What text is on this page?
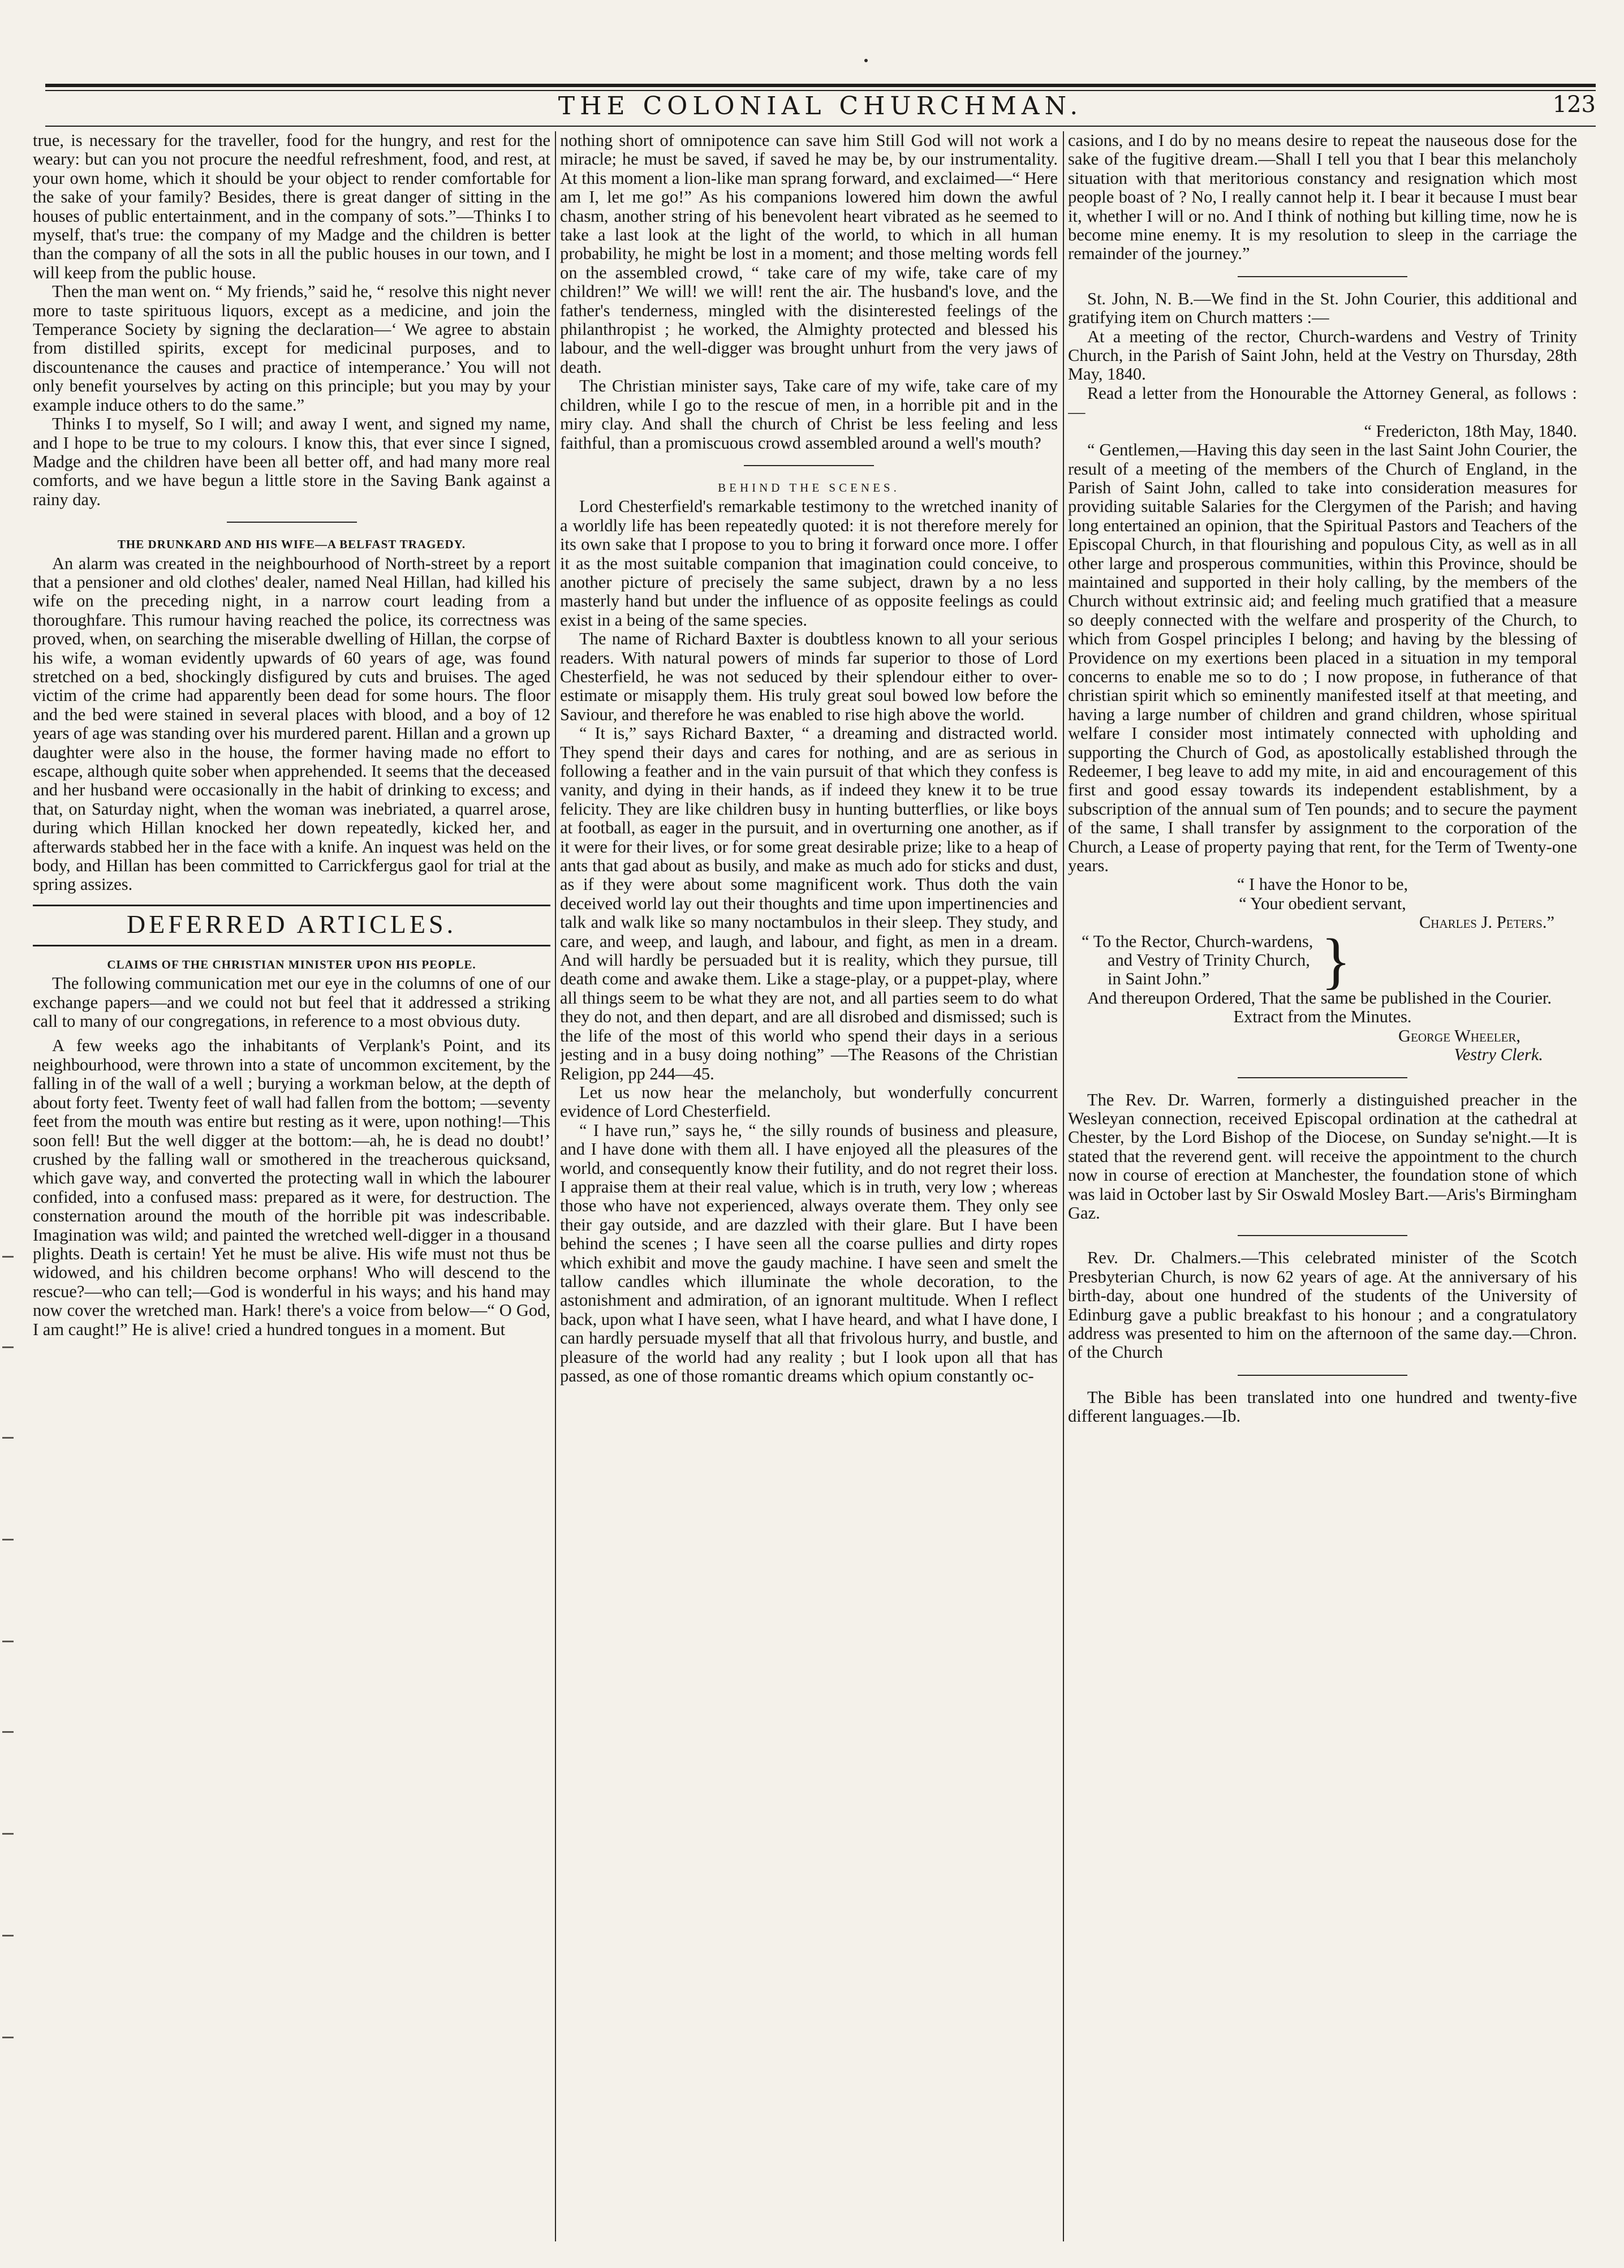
THE COLONIAL CHURCHMAN.	123

true, is necessary for the traveller, food for the hungry, and rest for the weary: but can you not procure the needful refreshment, food, and rest, at your own home, which it should be your object to render comfortable for the sake of your family? Besides, there is great danger of sitting in the houses of public entertainment, and in the company of sots.”—Thinks I to myself, that's true: the company of my Madge and the children is better than the company of all the sots in all the public houses in our town, and I will keep from the public house.

Then the man went on. “ My friends,” said he, “ resolve this night never more to taste spirituous liquors, except as a medicine, and join the Temperance Society by signing the declaration—‘ We agree to abstain from distilled spirits, except for medicinal purposes, and to discountenance the causes and practice of intemperance.’ You will not only benefit yourselves by acting on this principle; but you may by your example induce others to do the same.”

Thinks I to myself, So I will; and away I went, and signed my name, and I hope to be true to my colours. I know this, that ever since I signed, Madge and the children have been all better off, and had many more real comforts, and we have begun a little store in the Saving Bank against a rainy day.

THE DRUNKARD AND HIS WIFE—A BELFAST TRAGEDY.

An alarm was created in the neighbourhood of North-street by a report that a pensioner and old clothes' dealer, named Neal Hillan, had killed his wife on the preceding night, in a narrow court leading from a thoroughfare. This rumour having reached the police, its correctness was proved, when, on searching the miserable dwelling of Hillan, the corpse of his wife, a woman evidently upwards of 60 years of age, was found stretched on a bed, shockingly disfigured by cuts and bruises. The aged victim of the crime had apparently been dead for some hours. The floor and the bed were stained in several places with blood, and a boy of 12 years of age was standing over his murdered parent. Hillan and a grown up daughter were also in the house, the former having made no effort to escape, although quite sober when apprehended. It seems that the deceased and her husband were occasionally in the habit of drinking to excess; and that, on Saturday night, when the woman was inebriated, a quarrel arose, during which Hillan knocked her down repeatedly, kicked her, and afterwards stabbed her in the face with a knife. An inquest was held on the body, and Hillan has been committed to Carrickfergus gaol for trial at the spring assizes.

DEFERRED ARTICLES.

CLAIMS OF THE CHRISTIAN MINISTER UPON HIS PEOPLE.

The following communication met our eye in the columns of one of our exchange papers—and we could not but feel that it addressed a striking call to many of our congregations, in reference to a most obvious duty.

A few weeks ago the inhabitants of Verplank's Point, and its neighbourhood, were thrown into a state of uncommon excitement, by the falling in of the wall of a well ; burying a workman below, at the depth of about forty feet. Twenty feet of wall had fallen from the bottom; —seventy feet from the mouth was entire but resting as it were, upon nothing!—This soon fell! But the well digger at the bottom:—ah, he is dead no doubt!’ crushed by the falling wall or smothered in the treacherous quicksand, which gave way, and converted the protecting wall in which the labourer confided, into a confused mass: prepared as it were, for destruction. The consternation around the mouth of the horrible pit was indescribable. Imagination was wild; and painted the wretched well-digger in a thousand plights. Death is certain! Yet he must be alive. His wife must not thus be widowed, and his children become orphans! Who will descend to the rescue?—who can tell;—God is wonderful in his ways; and his hand may now cover the wretched man. Hark! there's a voice from below—“ O God, I am caught!” He is alive! cried a hundred tongues in a moment. But

nothing short of omnipotence can save him Still God will not work a miracle; he must be saved, if saved he may be, by our instrumentality. At this moment a lion-like man sprang forward, and exclaimed—“ Here am I, let me go!” As his companions lowered him down the awful chasm, another string of his benevolent heart vibrated as he seemed to take a last look at the light of the world, to which in all human probability, he might be lost in a moment; and those melting words fell on the assembled crowd, “ take care of my wife, take care of my children!” We will! we will! rent the air. The husband's love, and the father's tenderness, mingled with the disinterested feelings of the philanthropist ; he worked, the Almighty protected and blessed his labour, and the well-digger was brought unhurt from the very jaws of death.

The Christian minister says, Take care of my wife, take care of my children, while I go to the rescue of men, in a horrible pit and in the miry clay. And shall the church of Christ be less feeling and less faithful, than a promiscuous crowd assembled around a well's mouth?

BEHIND THE SCENES.

Lord Chesterfield's remarkable testimony to the wretched inanity of a worldly life has been repeatedly quoted: it is not therefore merely for its own sake that I propose to you to bring it forward once more. I offer it as the most suitable companion that imagination could conceive, to another picture of precisely the same subject, drawn by a no less masterly hand but under the influence of as opposite feelings as could exist in a being of the same species.

The name of Richard Baxter is doubtless known to all your serious readers. With natural powers of minds far superior to those of Lord Chesterfield, he was not seduced by their splendour either to over-estimate or misapply them. His truly great soul bowed low before the Saviour, and therefore he was enabled to rise high above the world.

“ It is,” says Richard Baxter, “ a dreaming and distracted world. They spend their days and cares for nothing, and are as serious in following a feather and in the vain pursuit of that which they confess is vanity, and dying in their hands, as if indeed they knew it to be true felicity. They are like children busy in hunting butterflies, or like boys at football, as eager in the pursuit, and in overturning one another, as if it were for their lives, or for some great desirable prize; like to a heap of ants that gad about as busily, and make as much ado for sticks and dust, as if they were about some magnificent work. Thus doth the vain deceived world lay out their thoughts and time upon impertinencies and talk and walk like so many noctambulos in their sleep. They study, and care, and weep, and laugh, and labour, and fight, as men in a dream. And will hardly be persuaded but it is reality, which they pursue, till death come and awake them. Like a stage-play, or a puppet-play, where all things seem to be what they are not, and all parties seem to do what they do not, and then depart, and are all disrobed and dismissed; such is the life of the most of this world who spend their days in a serious jesting and in a busy doing nothing” —The Reasons of the Christian Religion, pp 244—45.

Let us now hear the melancholy, but wonderfully concurrent evidence of Lord Chesterfield.

“ I have run,” says he, “ the silly rounds of business and pleasure, and I have done with them all. I have enjoyed all the pleasures of the world, and consequently know their futility, and do not regret their loss. I appraise them at their real value, which is in truth, very low ; whereas those who have not experienced, always overate them. They only see their gay outside, and are dazzled with their glare. But I have been behind the scenes ; I have seen all the coarse pullies and dirty ropes which exhibit and move the gaudy machine. I have seen and smelt the tallow candles which illuminate the whole decoration, to the astonishment and admiration, of an ignorant multitude. When I reflect back, upon what I have seen, what I have heard, and what I have done, I can hardly persuade myself that all that frivolous hurry, and bustle, and pleasure of the world had any reality ; but I look upon all that has passed, as one of those romantic dreams which opium constantly oc-

casions, and I do by no means desire to repeat the nauseous dose for the sake of the fugitive dream.—Shall I tell you that I bear this melancholy situation with that meritorious constancy and resignation which most people boast of ? No, I really cannot help it. I bear it because I must bear it, whether I will or no. And I think of nothing but killing time, now he is become mine enemy. It is my resolution to sleep in the carriage the remainder of the journey.”

St. John, N. B.—We find in the St. John Courier, this additional and gratifying item on Church matters :—

At a meeting of the rector, Church-wardens and Vestry of Trinity Church, in the Parish of Saint John, held at the Vestry on Thursday, 28th May, 1840.

Read a letter from the Honourable the Attorney General, as follows :—

“ Fredericton, 18th May, 1840.

“ Gentlemen,—Having this day seen in the last Saint John Courier, the result of a meeting of the members of the Church of England, in the Parish of Saint John, called to take into consideration measures for providing suitable Salaries for the Clergymen of the Parish; and having long entertained an opinion, that the Spiritual Pastors and Teachers of the Episcopal Church, in that flourishing and populous City, as well as in all other large and prosperous communities, within this Province, should be maintained and supported in their holy calling, by the members of the Church without extrinsic aid; and feeling much gratified that a measure so deeply connected with the welfare and prosperity of the Church, to which from Gospel principles I belong; and having by the blessing of Providence on my exertions been placed in a situation in my temporal concerns to enable me so to do ; I now propose, in futherance of that christian spirit which so eminently manifested itself at that meeting, and having a large number of children and grand children, whose spiritual welfare I consider most intimately connected with upholding and supporting the Church of God, as apostolically established through the Redeemer, I beg leave to add my mite, in aid and encouragement of this first and good essay towards its independent establishment, by a subscription of the annual sum of Ten pounds; and to secure the payment of the same, I shall transfer by assignment to the corporation of the Church, a Lease of property paying that rent, for the Term of Twenty-one years.

“ I have the Honor to be,

“ Your obedient servant,

Charles J. Peters.”

“ To the Rector, Church-wardens,

and Vestry of Trinity Church,

in Saint John.”	}

And thereupon Ordered, That the same be published in the Courier.

Extract from the Minutes.

George Wheeler,

Vestry Clerk.

The Rev. Dr. Warren, formerly a distinguished preacher in the Wesleyan connection, received Episcopal ordination at the cathedral at Chester, by the Lord Bishop of the Diocese, on Sunday se'night.—It is stated that the reverend gent. will receive the appointment to the church now in course of erection at Manchester, the foundation stone of which was laid in October last by Sir Oswald Mosley Bart.—Aris's Birmingham Gaz.

Rev. Dr. Chalmers.—This celebrated minister of the Scotch Presbyterian Church, is now 62 years of age. At the anniversary of his birth-day, about one hundred of the students of the University of Edinburg gave a public breakfast to his honour ; and a congratulatory address was presented to him on the afternoon of the same day.—Chron. of the Church

The Bible has been translated into one hundred and twenty-five different languages.—Ib.
